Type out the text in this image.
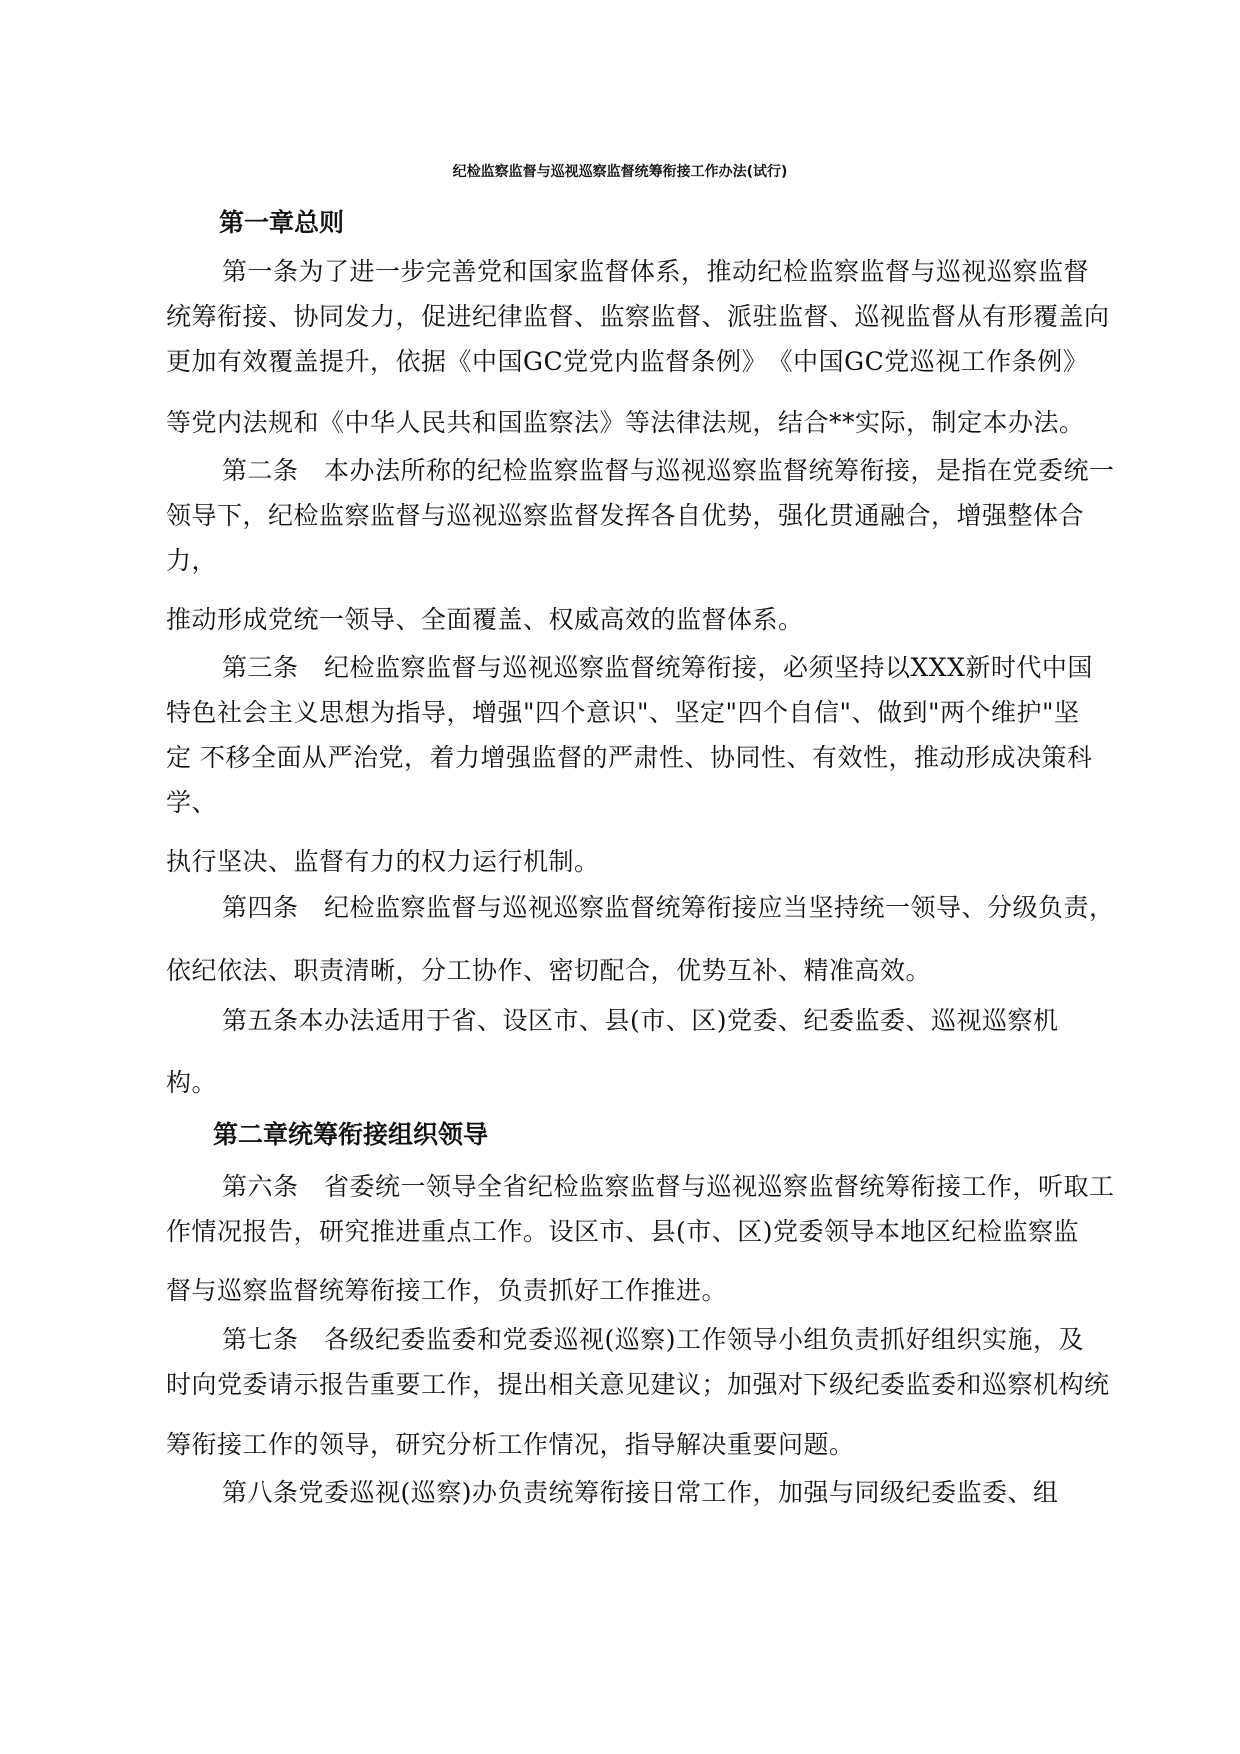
纪检监察监督与巡视巡察监督统筹衔接工作办法(试行)
第一章总则
第一条为了进一步完善党和国家监督体系，推动纪检监察监督与巡视巡察监督
统筹衔接、协同发力，促进纪律监督、监察监督、派驻监督、巡视监督从有形覆盖向
更加有效覆盖提升，依据《中国GC党党内监督条例》　《中国GC党巡视工作条例》
等党内法规和《中华人民共和国监察法》等法律法规，结合**实际，制定本办法。
第二条　本办法所称的纪检监察监督与巡视巡察监督统筹衔接，是指在党委统一
领导下，纪检监察监督与巡视巡察监督发挥各自优势，强化贯通融合，增强整体合
力，
推动形成党统一领导、全面覆盖、权威高效的监督体系。
第三条　纪检监察监督与巡视巡察监督统筹衔接，必须坚持以XXX新时代中国
特色社会主义思想为指导，增强"四个意识"、坚定"四个自信"、做到"两个维护"坚
定 不移全面从严治党，着力增强监督的严肃性、协同性、有效性，推动形成决策科
学、
执行坚决、监督有力的权力运行机制。
第四条　纪检监察监督与巡视巡察监督统筹衔接应当坚持统一领导、分级负责，
依纪依法、职责清晰，分工协作、密切配合，优势互补、精准高效。
第五条本办法适用于省、设区市、县(市、区)党委、纪委监委、巡视巡察机
构。
第二章统筹衔接组织领导
第六条　省委统一领导全省纪检监察监督与巡视巡察监督统筹衔接工作，听取工
作情况报告，研究推进重点工作。设区市、县(市、区)党委领导本地区纪检监察监
督与巡察监督统筹衔接工作，负责抓好工作推进。
第七条　各级纪委监委和党委巡视(巡察)工作领导小组负责抓好组织实施，及
时向党委请示报告重要工作，提出相关意见建议；加强对下级纪委监委和巡察机构统
筹衔接工作的领导，研究分析工作情况，指导解决重要问题。
第八条党委巡视(巡察)办负责统筹衔接日常工作，加强与同级纪委监委、组
